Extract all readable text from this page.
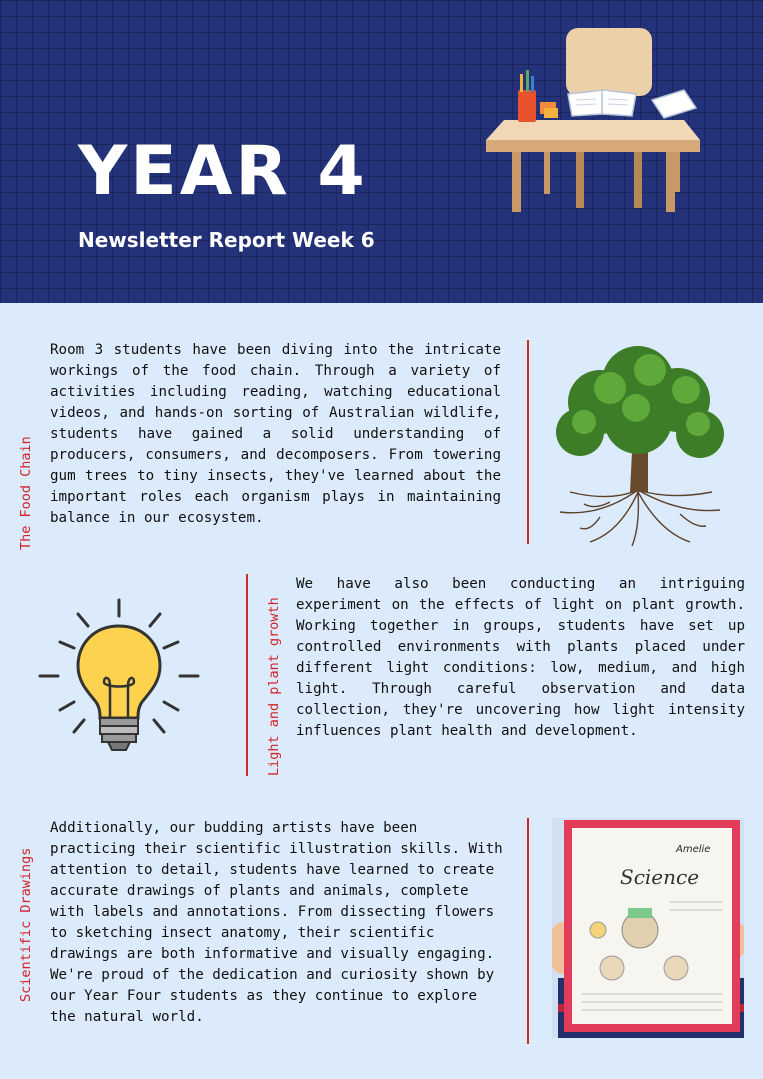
YEAR 4
Newsletter Report Week 6
The Food Chain

Room 3 students have been diving into the intricate workings of the food chain. Through a variety of activities including reading, watching educational videos, and hands-on sorting of Australian wildlife, students have gained a solid understanding of producers, consumers, and decomposers. From towering gum trees to tiny insects, they've learned about the important roles each organism plays in maintaining balance in our ecosystem.

Light and plant growth

We have also been conducting an intriguing experiment on the effects of light on plant growth. Working together in groups, students have set up controlled environments with plants placed under different light conditions: low, medium, and high light. Through careful observation and data collection, they're uncovering how light intensity influences plant health and development.

Scientific Drawings
Additionally, our budding artists have been practicing their scientific illustration skills. With attention to detail, students have learned to create accurate drawings of plants and animals, complete with labels and annotations. From dissecting flowers to sketching insect anatomy, their scientific drawings are both informative and visually engaging.
We're proud of the dedication and curiosity shown by our Year Four students as they continue to explore the natural world.
Science
Amelie
